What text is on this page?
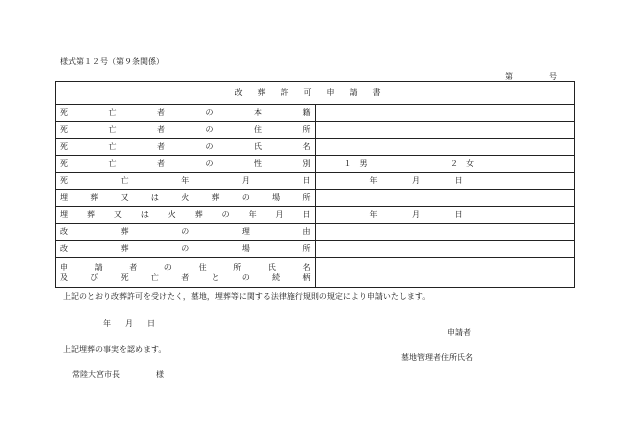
様式第１２号（第９条関係）
第	号
改葬許可申請書	
死亡者の本籍	
死亡者の住所	
死亡者の氏名	
死亡者の性別	１　男 ２　女
死亡年月日	年 月 日
埋葬又は火葬の場所	
埋葬又は火葬の年月日	年 月 日
改葬の理由	
改葬の場所	

申請者の住所氏名
及び死亡者との続柄	

上記のとおり改葬許可を受けたく，墓地，埋葬等に関する法律施行規則の規定により申請いたします。
年 月 日
申請者
上記埋葬の事実を認めます。
墓地管理者住所氏名
常陸大宮市長	様
